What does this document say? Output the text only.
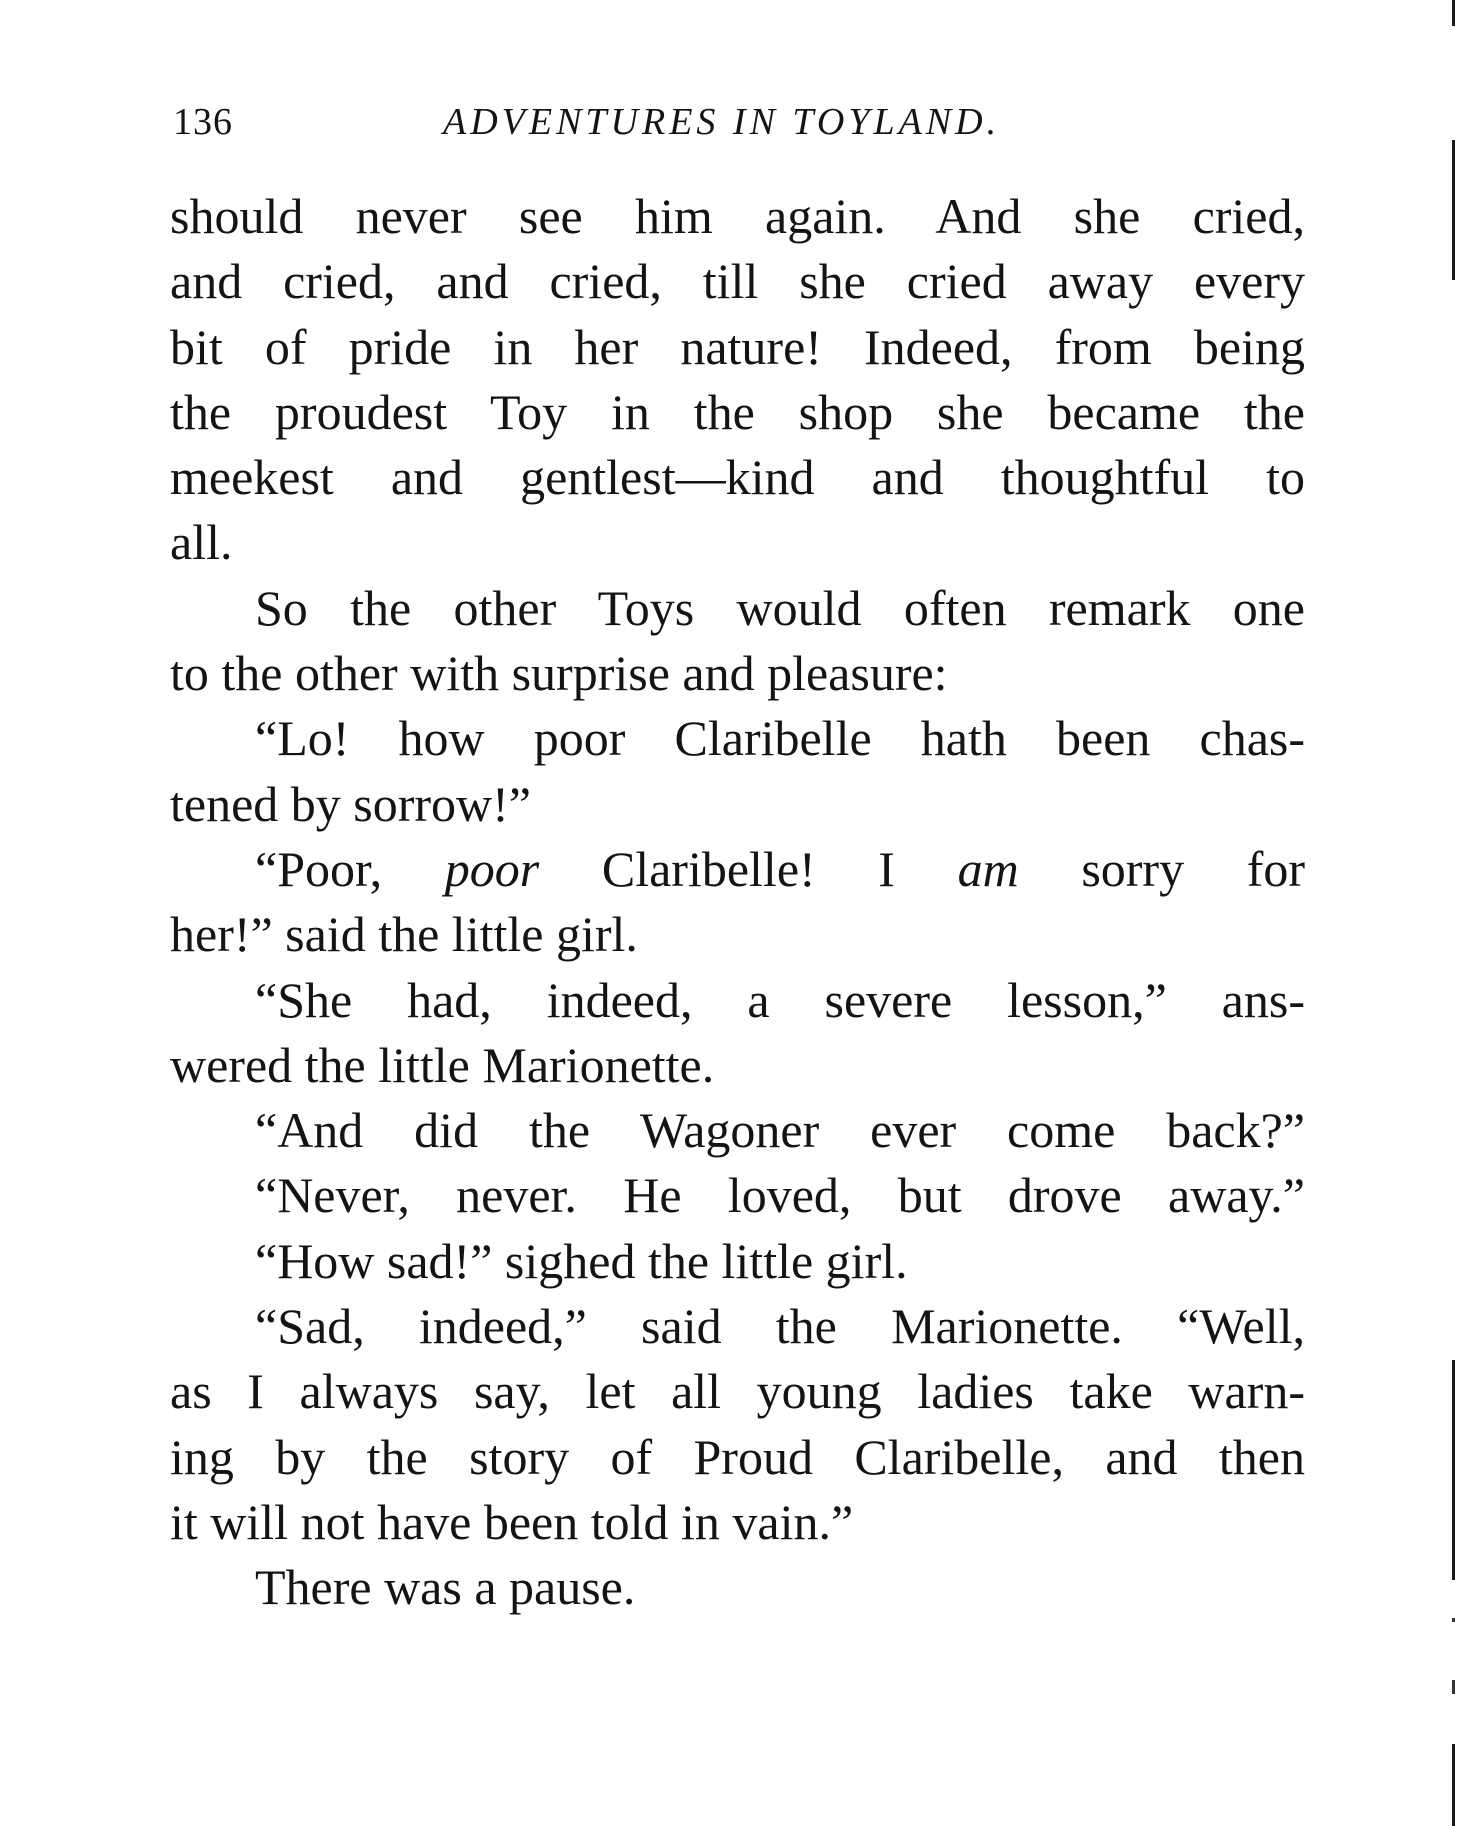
136	ADVENTURES IN TOYLAND.
should never see him again. And she cried,
and cried, and cried, till she cried away every
bit of pride in her nature! Indeed, from being
the proudest Toy in the shop she became the
meekest and gentlest—kind and thoughtful to
all.
So the other Toys would often remark one
to the other with surprise and pleasure:
“Lo! how poor Claribelle hath been chas-
tened by sorrow!”
“Poor, poor Claribelle! I am sorry for
her!” said the little girl.
“She had, indeed, a severe lesson,” ans-
wered the little Marionette.
“And did the Wagoner ever come back?”
“Never, never. He loved, but drove away.”
“How sad!” sighed the little girl.
“Sad, indeed,” said the Marionette. “Well,
as I always say, let all young ladies take warn-
ing by the story of Proud Claribelle, and then
it will not have been told in vain.”
There was a pause.
